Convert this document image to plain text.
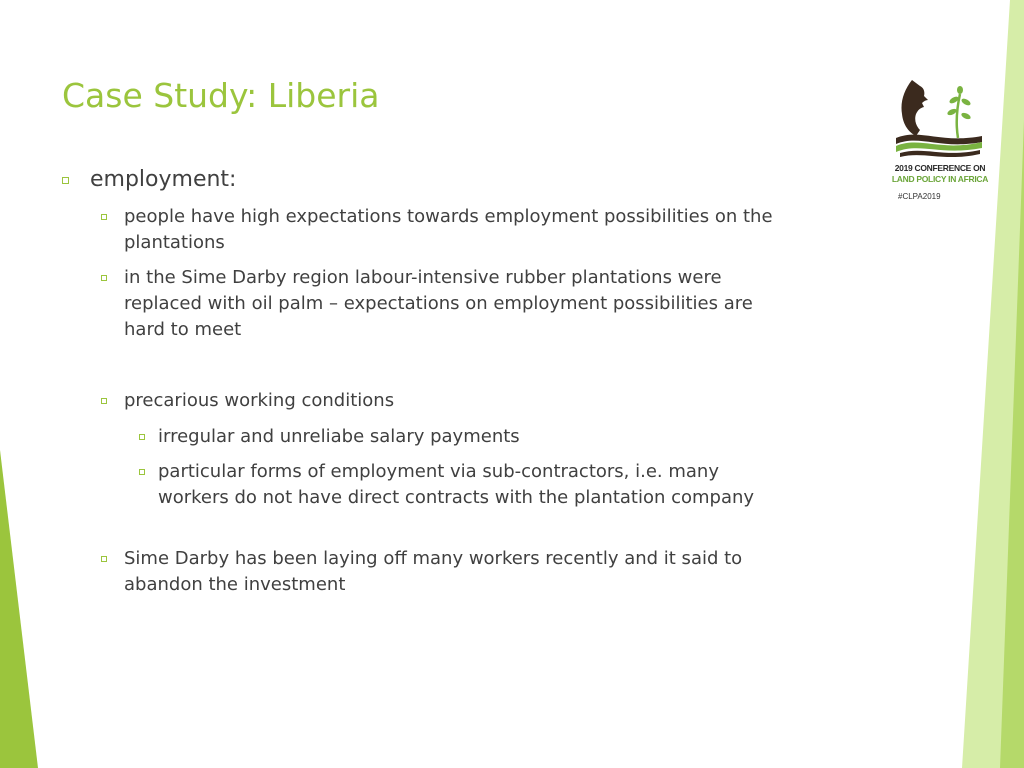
Case Study: Liberia
employment:
people have high expectations towards employment possibilities on the plantations
in the Sime Darby region labour-intensive rubber plantations were replaced with oil palm – expectations on employment possibilities are hard to meet
precarious working conditions
irregular and unreliabe salary payments
particular forms of employment via sub-contractors, i.e. many workers do not have direct contracts with the plantation company
Sime Darby has been laying off many workers recently and it said to abandon the investment
2019 CONFERENCE ON
LAND POLICY IN AFRICA
#CLPA2019
